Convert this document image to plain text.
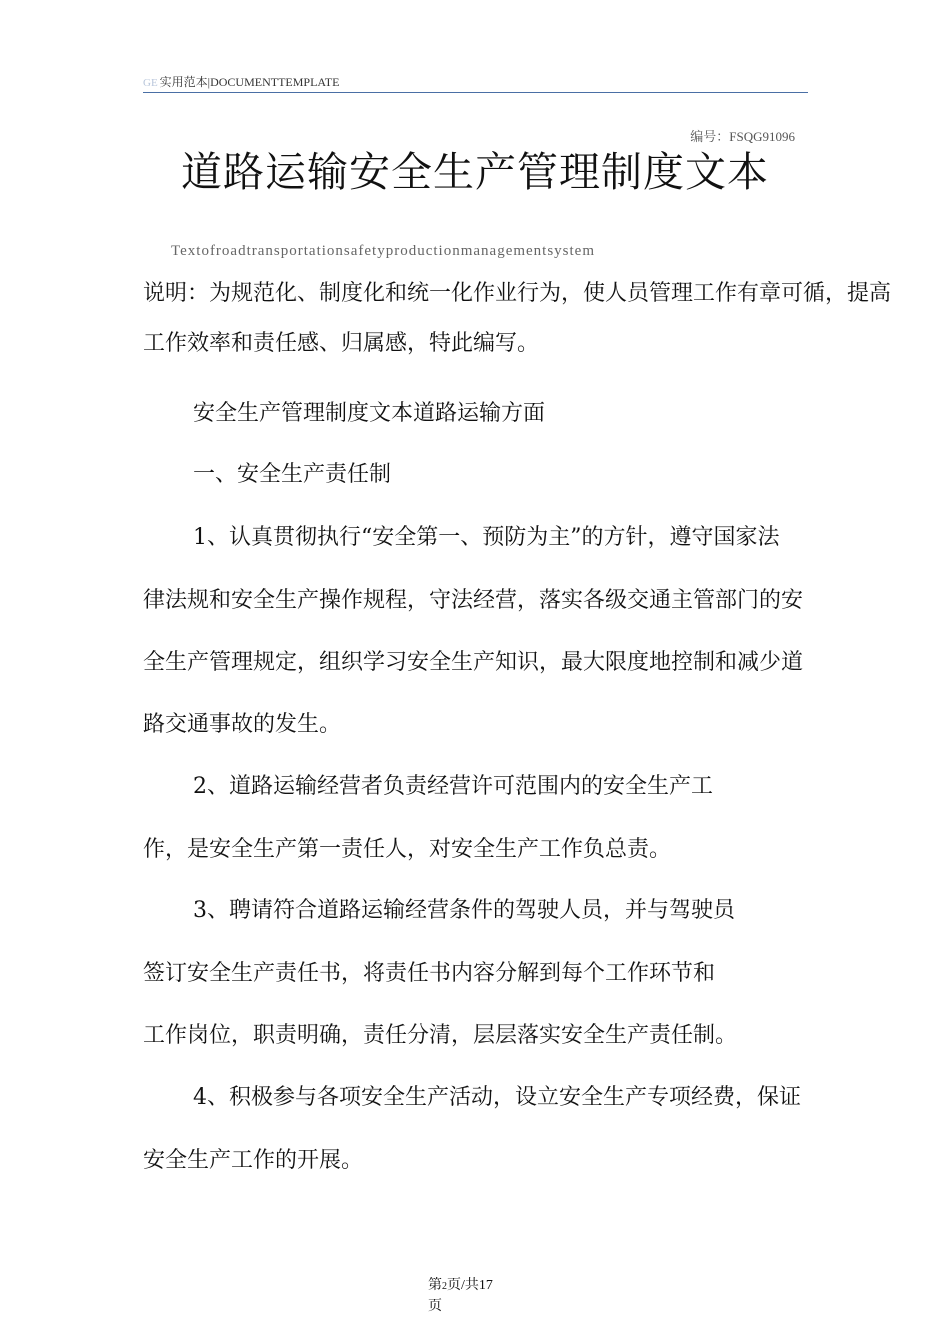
GE 实用范本|DOCUMENTTEMPLATE
编号：FSQG91096
道路运输安全生产管理制度文本
Textofroadtransportationsafetyproductionmanagementsystem

说明：为规范化、制度化和统一化作业行为，使人员管理工作有章可循，提高

工作效率和责任感、归属感，特此编写。

安全生产管理制度文本道路运输方面

一、安全生产责任制

1、认真贯彻执行“安全第一、预防为主”的方针，遵守国家法

律法规和安全生产操作规程，守法经营，落实各级交通主管部门的安

全生产管理规定，组织学习安全生产知识，最大限度地控制和减少道

路交通事故的发生。

2、道路运输经营者负责经营许可范围内的安全生产工

作，是安全生产第一责任人，对安全生产工作负总责。

3、聘请符合道路运输经营条件的驾驶人员，并与驾驶员

签订安全生产责任书，将责任书内容分解到每个工作环节和

工作岗位，职责明确，责任分清，层层落实安全生产责任制。

4、积极参与各项安全生产活动，设立安全生产专项经费，保证

安全生产工作的开展。

第2页/共17
页
